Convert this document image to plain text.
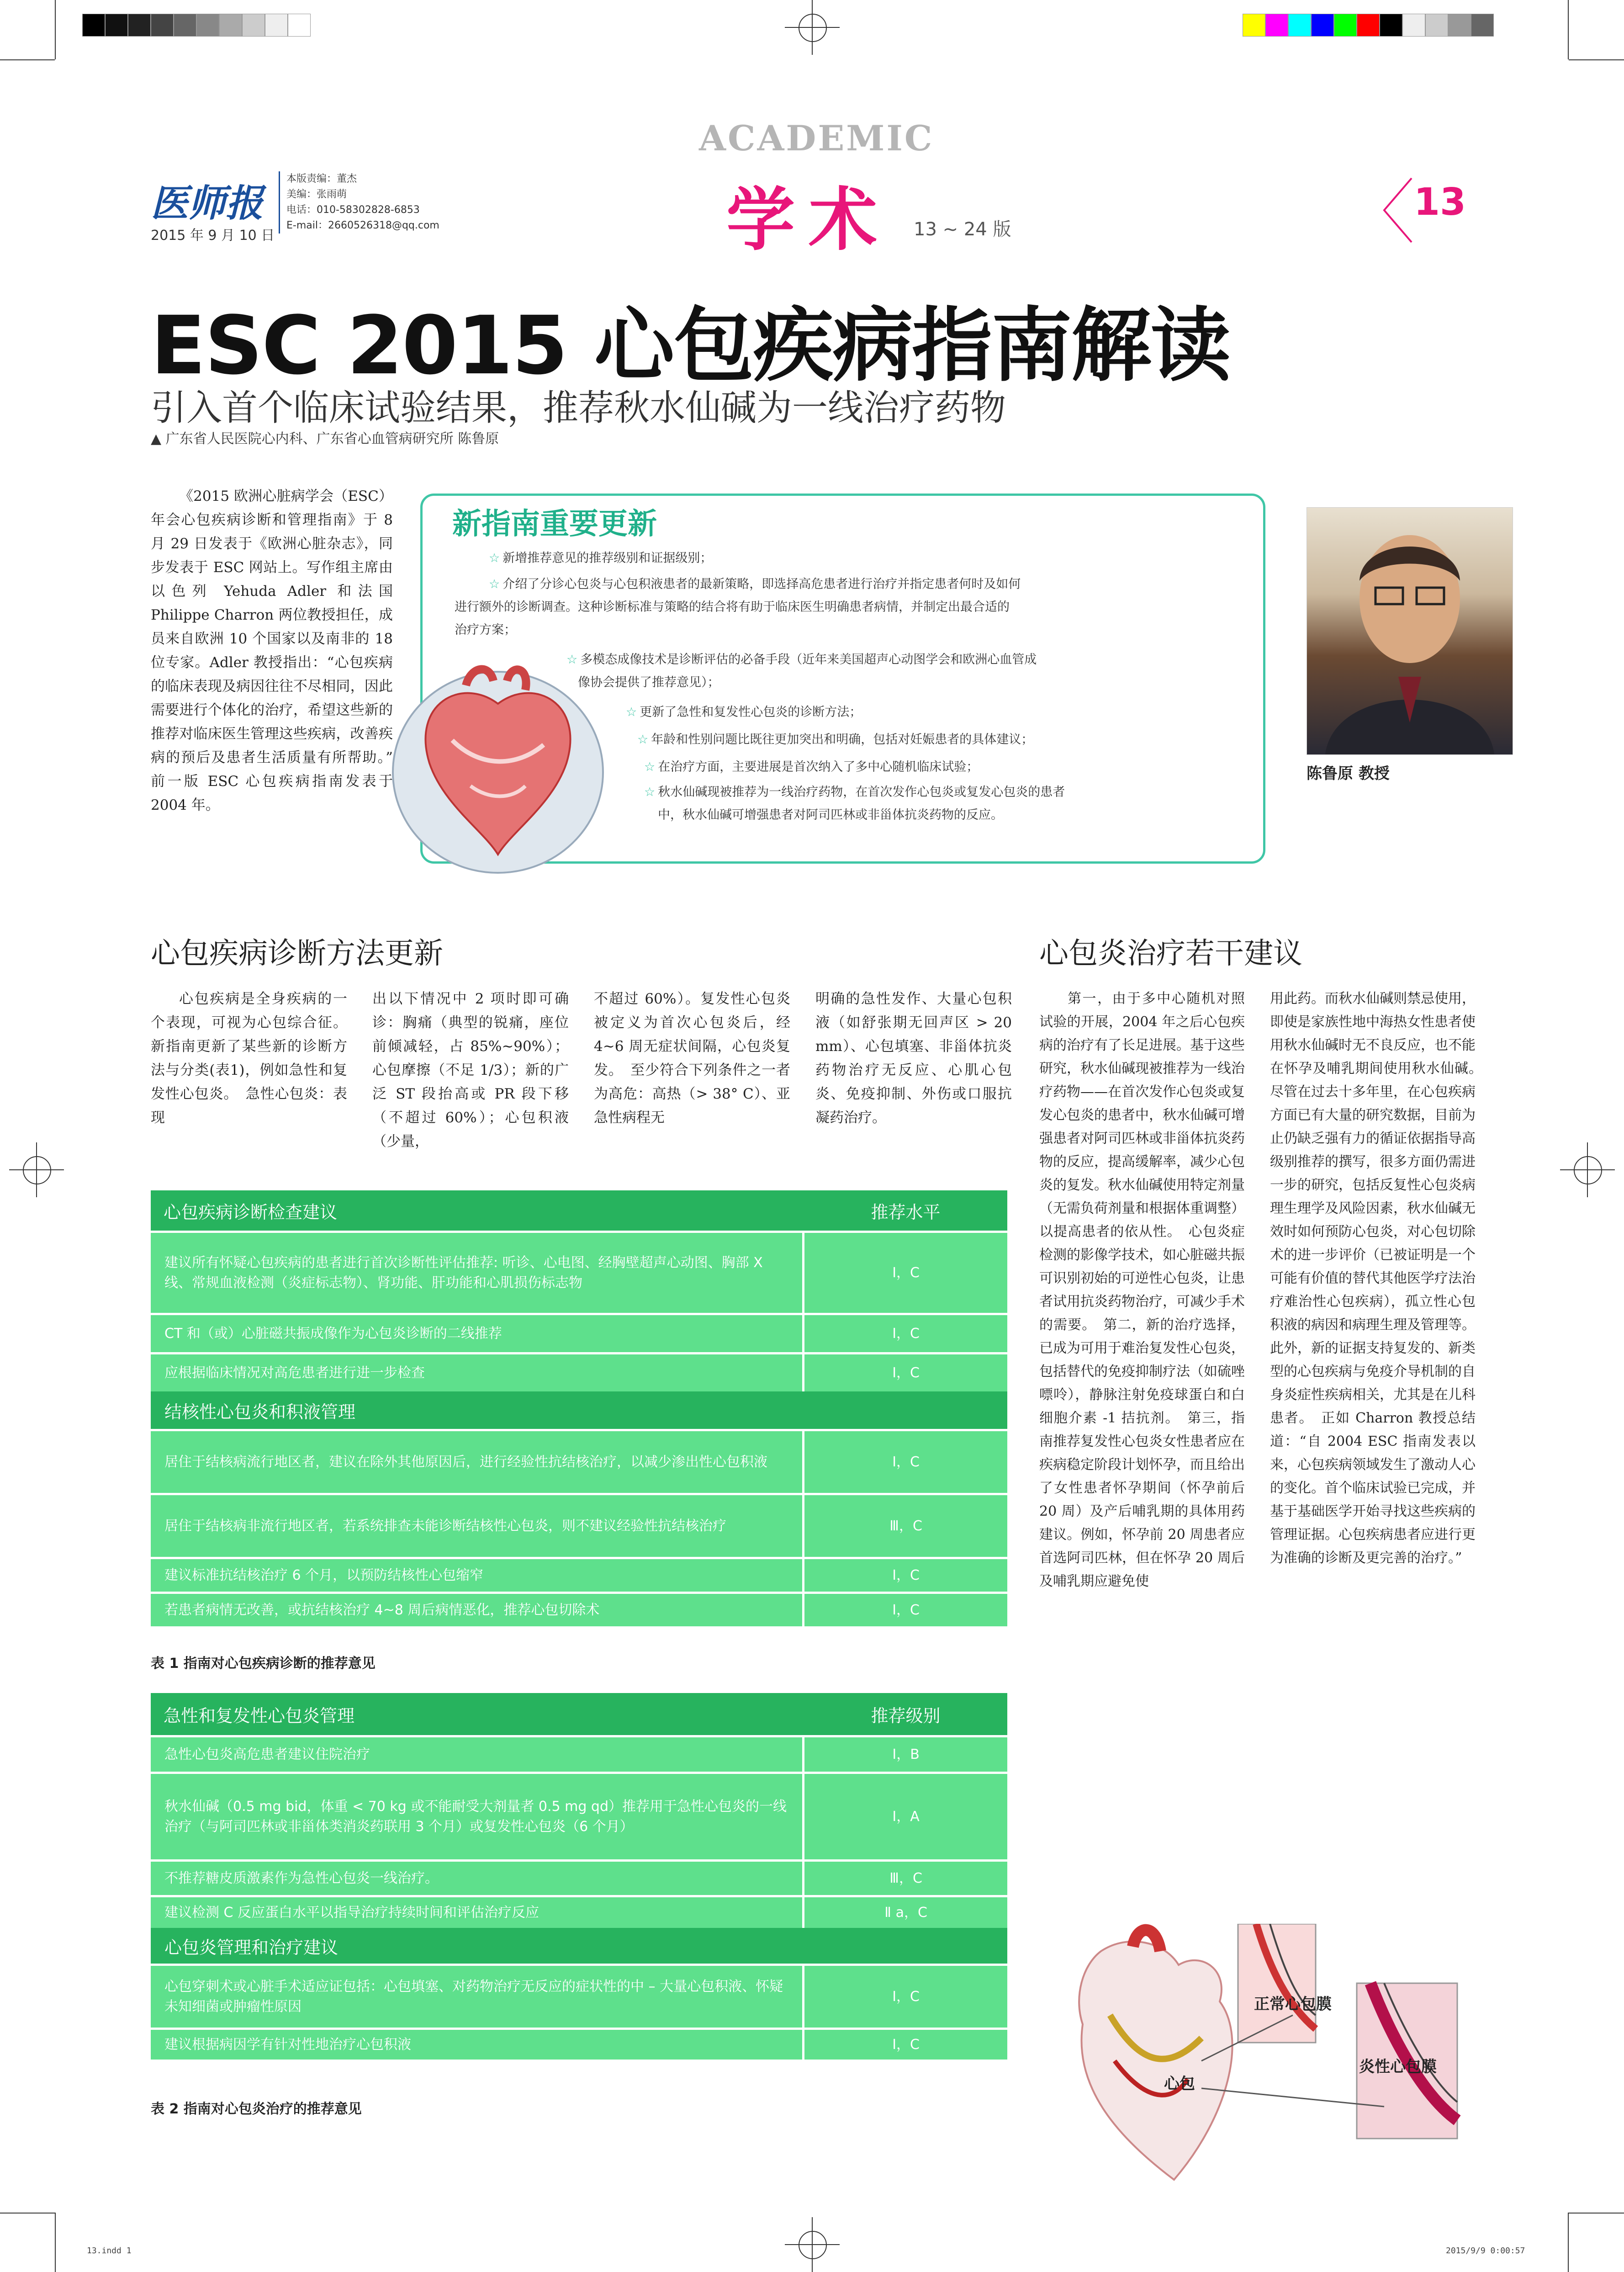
医师报
2015 年 9 月 10 日
本版责编：董杰
美编：张雨萌
电话：010-58302828-6853
E-mail：2660526318@qq.com
ACADEMIC
学术 13 ~ 24 版
13
ESC 2015 心包疾病指南解读
引入首个临床试验结果，推荐秋水仙碱为一线治疗药物
▲ 广东省人民医院心内科、广东省心血管病研究所 陈鲁原
《2015 欧洲心脏病学会（ESC）年会心包疾病诊断和管理指南》于 8 月 29 日发表于《欧洲心脏杂志》，同步发表于 ESC 网站上。写作组主席由以色列 Yehuda Adler 和法国 Philippe Charron 两位教授担任，成员来自欧洲 10 个国家以及南非的 18 位专家。Adler 教授指出：“心包疾病的临床表现及病因往往不尽相同，因此需要进行个体化的治疗，希望这些新的推荐对临床医生管理这些疾病，改善疾病的预后及患者生活质量有所帮助。” 前一版 ESC 心包疾病指南发表于 2004 年。
新指南重要更新
☆ 新增推荐意见的推荐级别和证据级别；
☆ 介绍了分诊心包炎与心包积液患者的最新策略，即选择高危患者进行治疗并指定患者何时及如何
进行额外的诊断调查。这种诊断标准与策略的结合将有助于临床医生明确患者病情，并制定出最合适的
治疗方案；
☆ 多模态成像技术是诊断评估的必备手段（近年来美国超声心动图学会和欧洲心血管成
像协会提供了推荐意见）；
☆ 更新了急性和复发性心包炎的诊断方法；
☆ 年龄和性别问题比既往更加突出和明确，包括对妊娠患者的具体建议；
☆ 在治疗方面，主要进展是首次纳入了多中心随机临床试验；
☆ 秋水仙碱现被推荐为一线治疗药物，在首次发作心包炎或复发心包炎的患者
中，秋水仙碱可增强患者对阿司匹林或非甾体抗炎药物的反应。
陈鲁原 教授
心包疾病诊断方法更新
心包疾病是全身疾病的一个表现，可视为心包综合征。新指南更新了某些新的诊断方法与分类(表1)，例如急性和复发性心包炎。　急性心包炎：表现
出以下情况中 2 项时即可确诊：胸痛（典型的锐痛，座位前倾减轻，占 85%~90%）；心包摩擦（不足 1/3）；新的广泛 ST 段抬高或 PR 段下移（不超过 60%）；心包积液（少量，
不超过 60%）。复发性心包炎被定义为首次心包炎后，经 4~6 周无症状间隔，心包炎复发。　至少符合下列条件之一者为高危：高热（> 38° C）、亚急性病程无
明确的急性发作、大量心包积液（如舒张期无回声区 > 20 mm）、心包填塞、非甾体抗炎药物治疗无反应、心肌心包炎、免疫抑制、外伤或口服抗凝药治疗。
心包疾病诊断检查建议	推荐水平
建议所有怀疑心包疾病的患者进行首次诊断性评估推荐: 听诊、心电图、经胸壁超声心动图、胸部 X 线、常规血液检测（炎症标志物）、肾功能、肝功能和心肌损伤标志物
Ⅰ，C
CT 和（或）心脏磁共振成像作为心包炎诊断的二线推荐	Ⅰ，C
应根据临床情况对高危患者进行进一步检查	Ⅰ，C
结核性心包炎和积液管理
居住于结核病流行地区者，建议在除外其他原因后，进行经验性抗结核治疗，以减少渗出性心包积液	Ⅰ，C
居住于结核病非流行地区者，若系统排查未能诊断结核性心包炎，则不建议经验性抗结核治疗	Ⅲ，C
建议标准抗结核治疗 6 个月，以预防结核性心包缩窄	Ⅰ，C
若患者病情无改善，或抗结核治疗 4~8 周后病情恶化，推荐心包切除术	Ⅰ，C
表 1 指南对心包疾病诊断的推荐意见
急性和复发性心包炎管理	推荐级别
急性心包炎高危患者建议住院治疗	Ⅰ，B
秋水仙碱（0.5 mg bid，体重 < 70 kg 或不能耐受大剂量者 0.5 mg qd）推荐用于急性心包炎的一线治疗（与阿司匹林或非甾体类消炎药联用 3 个月）或复发性心包炎（6 个月）
Ⅰ，A
不推荐糖皮质激素作为急性心包炎一线治疗。	Ⅲ，C
建议检测 C 反应蛋白水平以指导治疗持续时间和评估治疗反应	Ⅱ a，C
心包炎管理和治疗建议
心包穿刺术或心脏手术适应证包括：心包填塞、对药物治疗无反应的症状性的中 – 大量心包积液、怀疑未知细菌或肿瘤性原因
Ⅰ，C
建议根据病因学有针对性地治疗心包积液	Ⅰ，C
表 2 指南对心包炎治疗的推荐意见
心包炎治疗若干建议
第一，由于多中心随机对照试验的开展，2004 年之后心包疾病的治疗有了长足进展。基于这些研究，秋水仙碱现被推荐为一线治疗药物——在首次发作心包炎或复发心包炎的患者中，秋水仙碱可增强患者对阿司匹林或非甾体抗炎药物的反应，提高缓解率，减少心包炎的复发。秋水仙碱使用特定剂量（无需负荷剂量和根据体重调整）以提高患者的依从性。　心包炎症检测的影像学技术，如心脏磁共振可识别初始的可逆性心包炎，让患者试用抗炎药物治疗，可减少手术的需要。　第二，新的治疗选择，已成为可用于难治复发性心包炎，包括替代的免疫抑制疗法（如硫唑嘌呤），静脉注射免疫球蛋白和白细胞介素 -1 拮抗剂。　第三，指南推荐复发性心包炎女性患者应在疾病稳定阶段计划怀孕，而且给出了女性患者怀孕期间（怀孕前后 20 周）及产后哺乳期的具体用药建议。例如，怀孕前 20 周患者应首选阿司匹林，但在怀孕 20 周后及哺乳期应避免使
用此药。而秋水仙碱则禁忌使用，即使是家族性地中海热女性患者使用秋水仙碱时无不良反应，也不能在怀孕及哺乳期间使用秋水仙碱。　尽管在过去十多年里，在心包疾病方面已有大量的研究数据，目前为止仍缺乏强有力的循证依据指导高级别推荐的撰写，很多方面仍需进一步的研究，包括反复性心包炎病理生理学及风险因素，秋水仙碱无效时如何预防心包炎，对心包切除术的进一步评价（已被证明是一个可能有价值的替代其他医学疗法治疗难治性心包疾病），孤立性心包积液的病因和病理生理及管理等。此外，新的证据支持复发的、新类型的心包疾病与免疫介导机制的自身炎症性疾病相关，尤其是在儿科患者。　正如 Charron 教授总结道：“自 2004 ESC 指南发表以来，心包疾病领域发生了激动人心的变化。首个临床试验已完成，并基于基础医学开始寻找这些疾病的管理证据。心包疾病患者应进行更为准确的诊断及更完善的治疗。”
正常心包膜
炎性心包膜
心包
13.indd 1	2015/9/9 0:00:57
